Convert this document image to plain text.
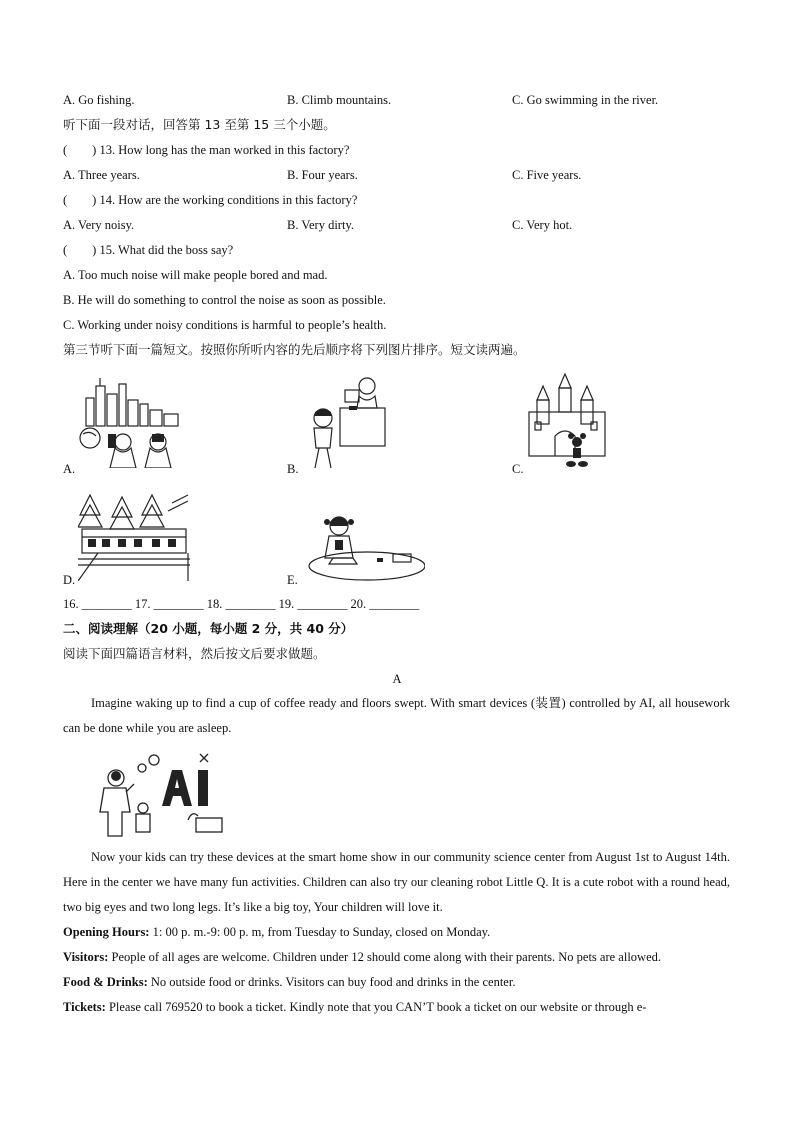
A. Go fishing.	B. Climb mountains.	C. Go swimming in the river.
听下面一段对话，回答第 13 至第 15 三个小题。
(　　) 13. How long has the man worked in this factory?
A. Three years.	B. Four years.	C. Five years.
(　　) 14. How are the working conditions in this factory?
A. Very noisy.	B. Very dirty.	C. Very hot.
(　　) 15. What did the boss say?
A. Too much noise will make people bored and mad.
B. He will do something to control the noise as soon as possible.
C. Working under noisy conditions is harmful to people’s health.
第三节听下面一篇短文。按照你所听内容的先后顺序将下列图片排序。短文读两遍。
A.	B.	C.
D.	E.
16. ________ 17. ________ 18. ________ 19. ________ 20. ________
二、阅读理解（20 小题，每小题 2 分，共 40 分）
阅读下面四篇语言材料，然后按文后要求做题。
A
Imagine waking up to find a cup of coffee ready and floors swept. With smart devices (装置) controlled by AI, all housework can be done while you are asleep.
AI
Now your kids can try these devices at the smart home show in our community science center from August 1st to August 14th. Here in the center we have many fun activities. Children can also try our cleaning robot Little Q. It is a cute robot with a round head, two big eyes and two long legs. It’s like a big toy, Your children will love it.
Opening Hours: 1: 00 p. m.-9: 00 p. m, from Tuesday to Sunday, closed on Monday.
Visitors: People of all ages are welcome. Children under 12 should come along with their parents. No pets are allowed.
Food & Drinks: No outside food or drinks. Visitors can buy food and drinks in the center.
Tickets: Please call 769520 to book a ticket. Kindly note that you CAN’T book a ticket on our website or through e-
